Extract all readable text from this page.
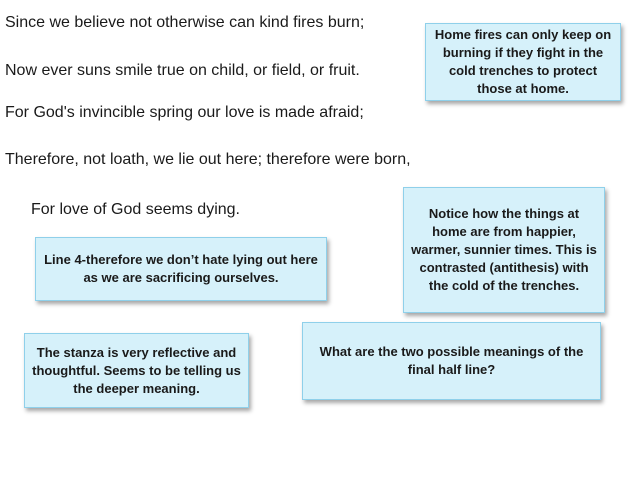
Since we believe not otherwise can kind fires burn;
Now ever suns smile true on child, or field, or fruit.
For God's invincible spring our love is made afraid;
Therefore, not loath, we lie out here; therefore were born,
For love of God seems dying.
Home fires can only keep on burning if they fight in the cold trenches to protect those at home.
Notice how the things at home are from happier, warmer, sunnier times. This is contrasted (antithesis) with the cold of the trenches.
Line 4-therefore we don’t hate lying out here as we are sacrificing ourselves.
The stanza is very reflective and thoughtful. Seems to be telling us the deeper meaning.
What are the two possible meanings of the final half line?
